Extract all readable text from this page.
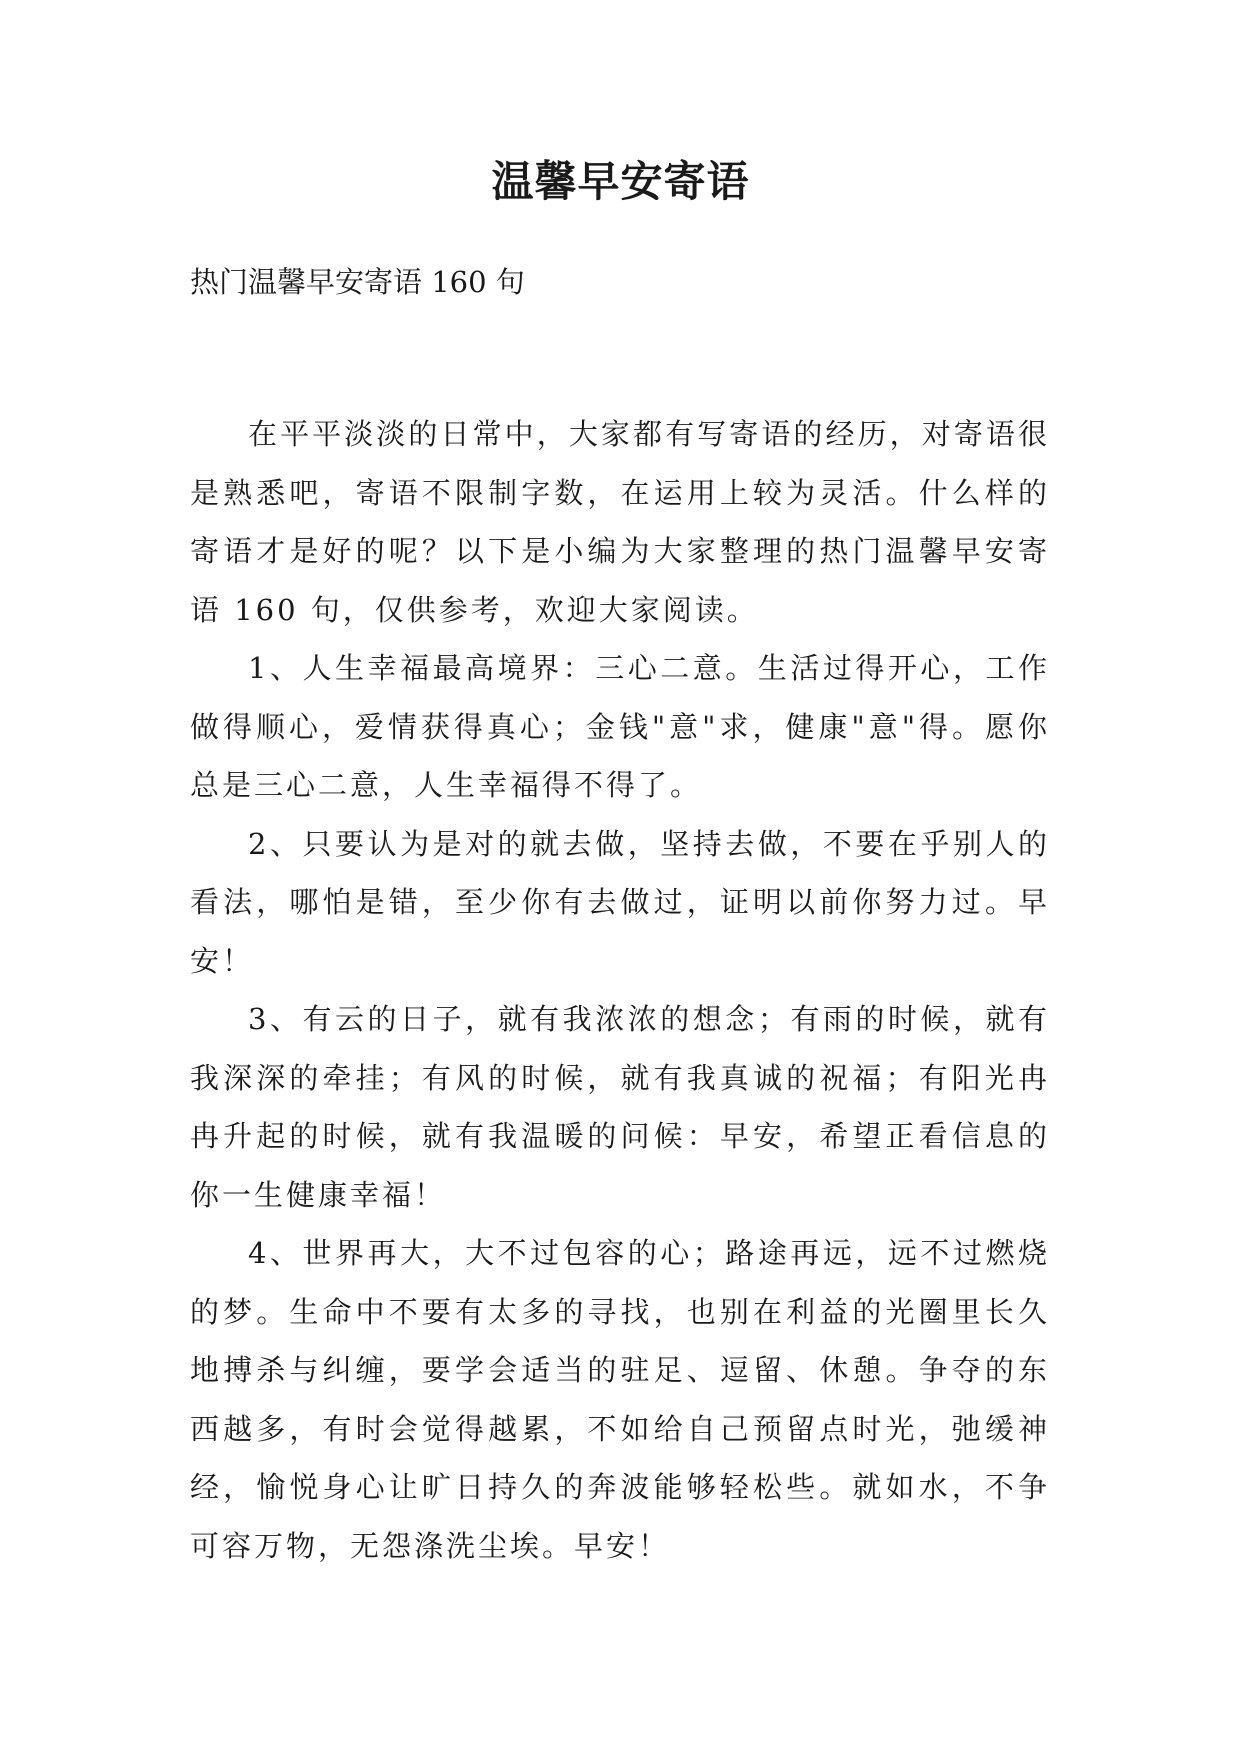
温馨早安寄语
热门温馨早安寄语 160 句

在平平淡淡的日常中，大家都有写寄语的经历，对寄语很是熟悉吧，寄语不限制字数，在运用上较为灵活。什么样的寄语才是好的呢？以下是小编为大家整理的热门温馨早安寄语 160 句，仅供参考，欢迎大家阅读。

1、人生幸福最高境界：三心二意。生活过得开心，工作做得顺心，爱情获得真心；金钱"意"求，健康"意"得。愿你总是三心二意，人生幸福得不得了。

2、只要认为是对的就去做，坚持去做，不要在乎别人的看法，哪怕是错，至少你有去做过，证明以前你努力过。早安！

3、有云的日子，就有我浓浓的想念；有雨的时候，就有我深深的牵挂；有风的时候，就有我真诚的祝福；有阳光冉冉升起的时候，就有我温暖的问候：早安，希望正看信息的你一生健康幸福！

4、世界再大，大不过包容的心；路途再远，远不过燃烧的梦。生命中不要有太多的寻找，也别在利益的光圈里长久地搏杀与纠缠，要学会适当的驻足、逗留、休憩。争夺的东西越多，有时会觉得越累，不如给自己预留点时光，弛缓神经，愉悦身心让旷日持久的奔波能够轻松些。就如水，不争可容万物，无怨涤洗尘埃。早安！
